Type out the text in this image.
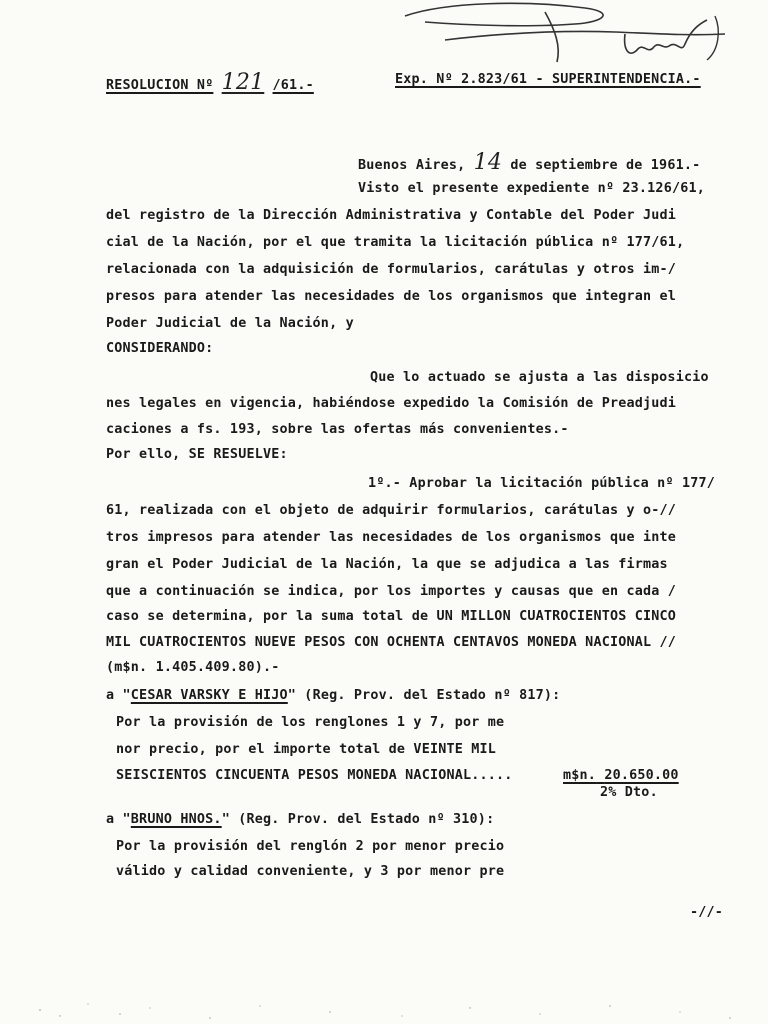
RESOLUCION Nº 121 /61.-	Exp. Nº 2.823/61 - SUPERINTENDENCIA.-
Buenos Aires, 14 de septiembre de 1961.-
Visto el presente expediente nº 23.126/61,
del registro de la Dirección Administrativa y Contable del Poder Judi
cial de la Nación, por el que tramita la licitación pública nº 177/61,
relacionada con la adquisición de formularios, carátulas y otros im-/
presos para atender las necesidades de los organismos que integran el
Poder Judicial de la Nación, y
CONSIDERANDO:
Que lo actuado se ajusta a las disposicio
nes legales en vigencia, habiéndose expedido la Comisión de Preadjudi
caciones a fs. 193, sobre las ofertas más convenientes.-
Por ello, SE RESUELVE:
1º.- Aprobar la licitación pública nº 177/
61, realizada con el objeto de adquirir formularios, carátulas y o-//
tros impresos para atender las necesidades de los organismos que inte
gran el Poder Judicial de la Nación, la que se adjudica a las firmas
que a continuación se indica, por los importes y causas que en cada /
caso se determina, por la suma total de UN MILLON CUATROCIENTOS CINCO
MIL CUATROCIENTOS NUEVE PESOS CON OCHENTA CENTAVOS MONEDA NACIONAL //
(m$n. 1.405.409.80).-
a "CESAR VARSKY E HIJO" (Reg. Prov. del Estado nº 817):
Por la provisión de los renglones 1 y 7, por me
nor precio, por el importe total de VEINTE MIL
SEISCIENTOS CINCUENTA PESOS MONEDA NACIONAL.....	m$n. 20.650.00
2% Dto.
a "BRUNO HNOS." (Reg. Prov. del Estado nº 310):
Por la provisión del renglón 2 por menor precio
válido y calidad conveniente, y 3 por menor pre
-//-
